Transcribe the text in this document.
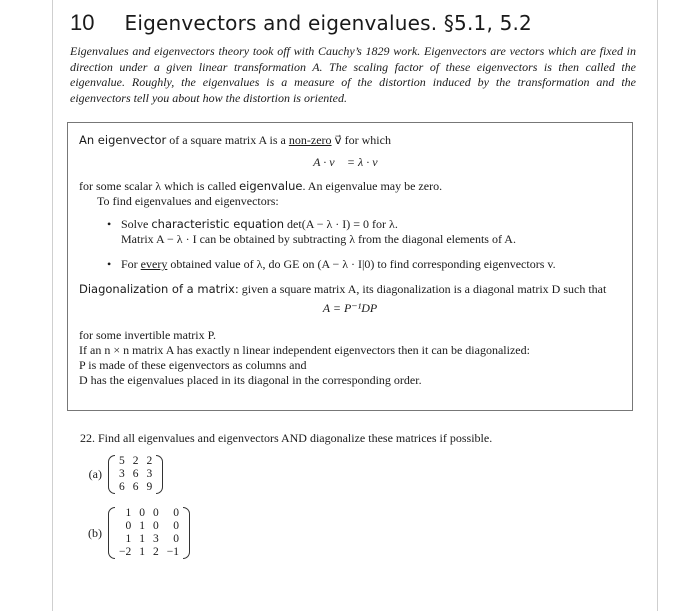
10 Eigenvectors and eigenvalues. §5.1, 5.2

Eigenvalues and eigenvectors theory took off with Cauchy’s 1829 work. Eigenvectors are vectors which are fixed in direction under a given linear transformation A. The scaling factor of these eigenvectors is then called the eigenvalue. Roughly, the eigenvalues is a measure of the distortion induced by the transformation and the eigenvectors tell you about how the distortion is oriented.

An eigenvector of a square matrix A is a non-zero v⃗ for which

A · v⃗ = λ · v⃗

for some scalar λ which is called eigenvalue. An eigenvalue may be zero.

To find eigenvalues and eigenvectors:

• Solve characteristic equation det(A − λ · I) = 0 for λ.
Matrix A − λ · I can be obtained by subtracting λ from the diagonal elements of A.
• For every obtained value of λ, do GE on (A − λ · I|0) to find corresponding eigenvectors v.

Diagonalization of a matrix: given a square matrix A, its diagonalization is a diagonal matrix D such that

A = P⁻¹DP

for some invertible matrix P.

If an n × n matrix A has exactly n linear independent eigenvectors then it can be diagonalized:

P is made of these eigenvectors as columns and

D has the eigenvalues placed in its diagonal in the corresponding order.

22. Find all eigenvalues and eigenvectors AND diagonalize these matrices if possible.
(a)
5	2	2
3	6	3
6	6	9
(b)
1	0	0	0
0	1	0	0
1	1	3	0
−2	1	2	−1
